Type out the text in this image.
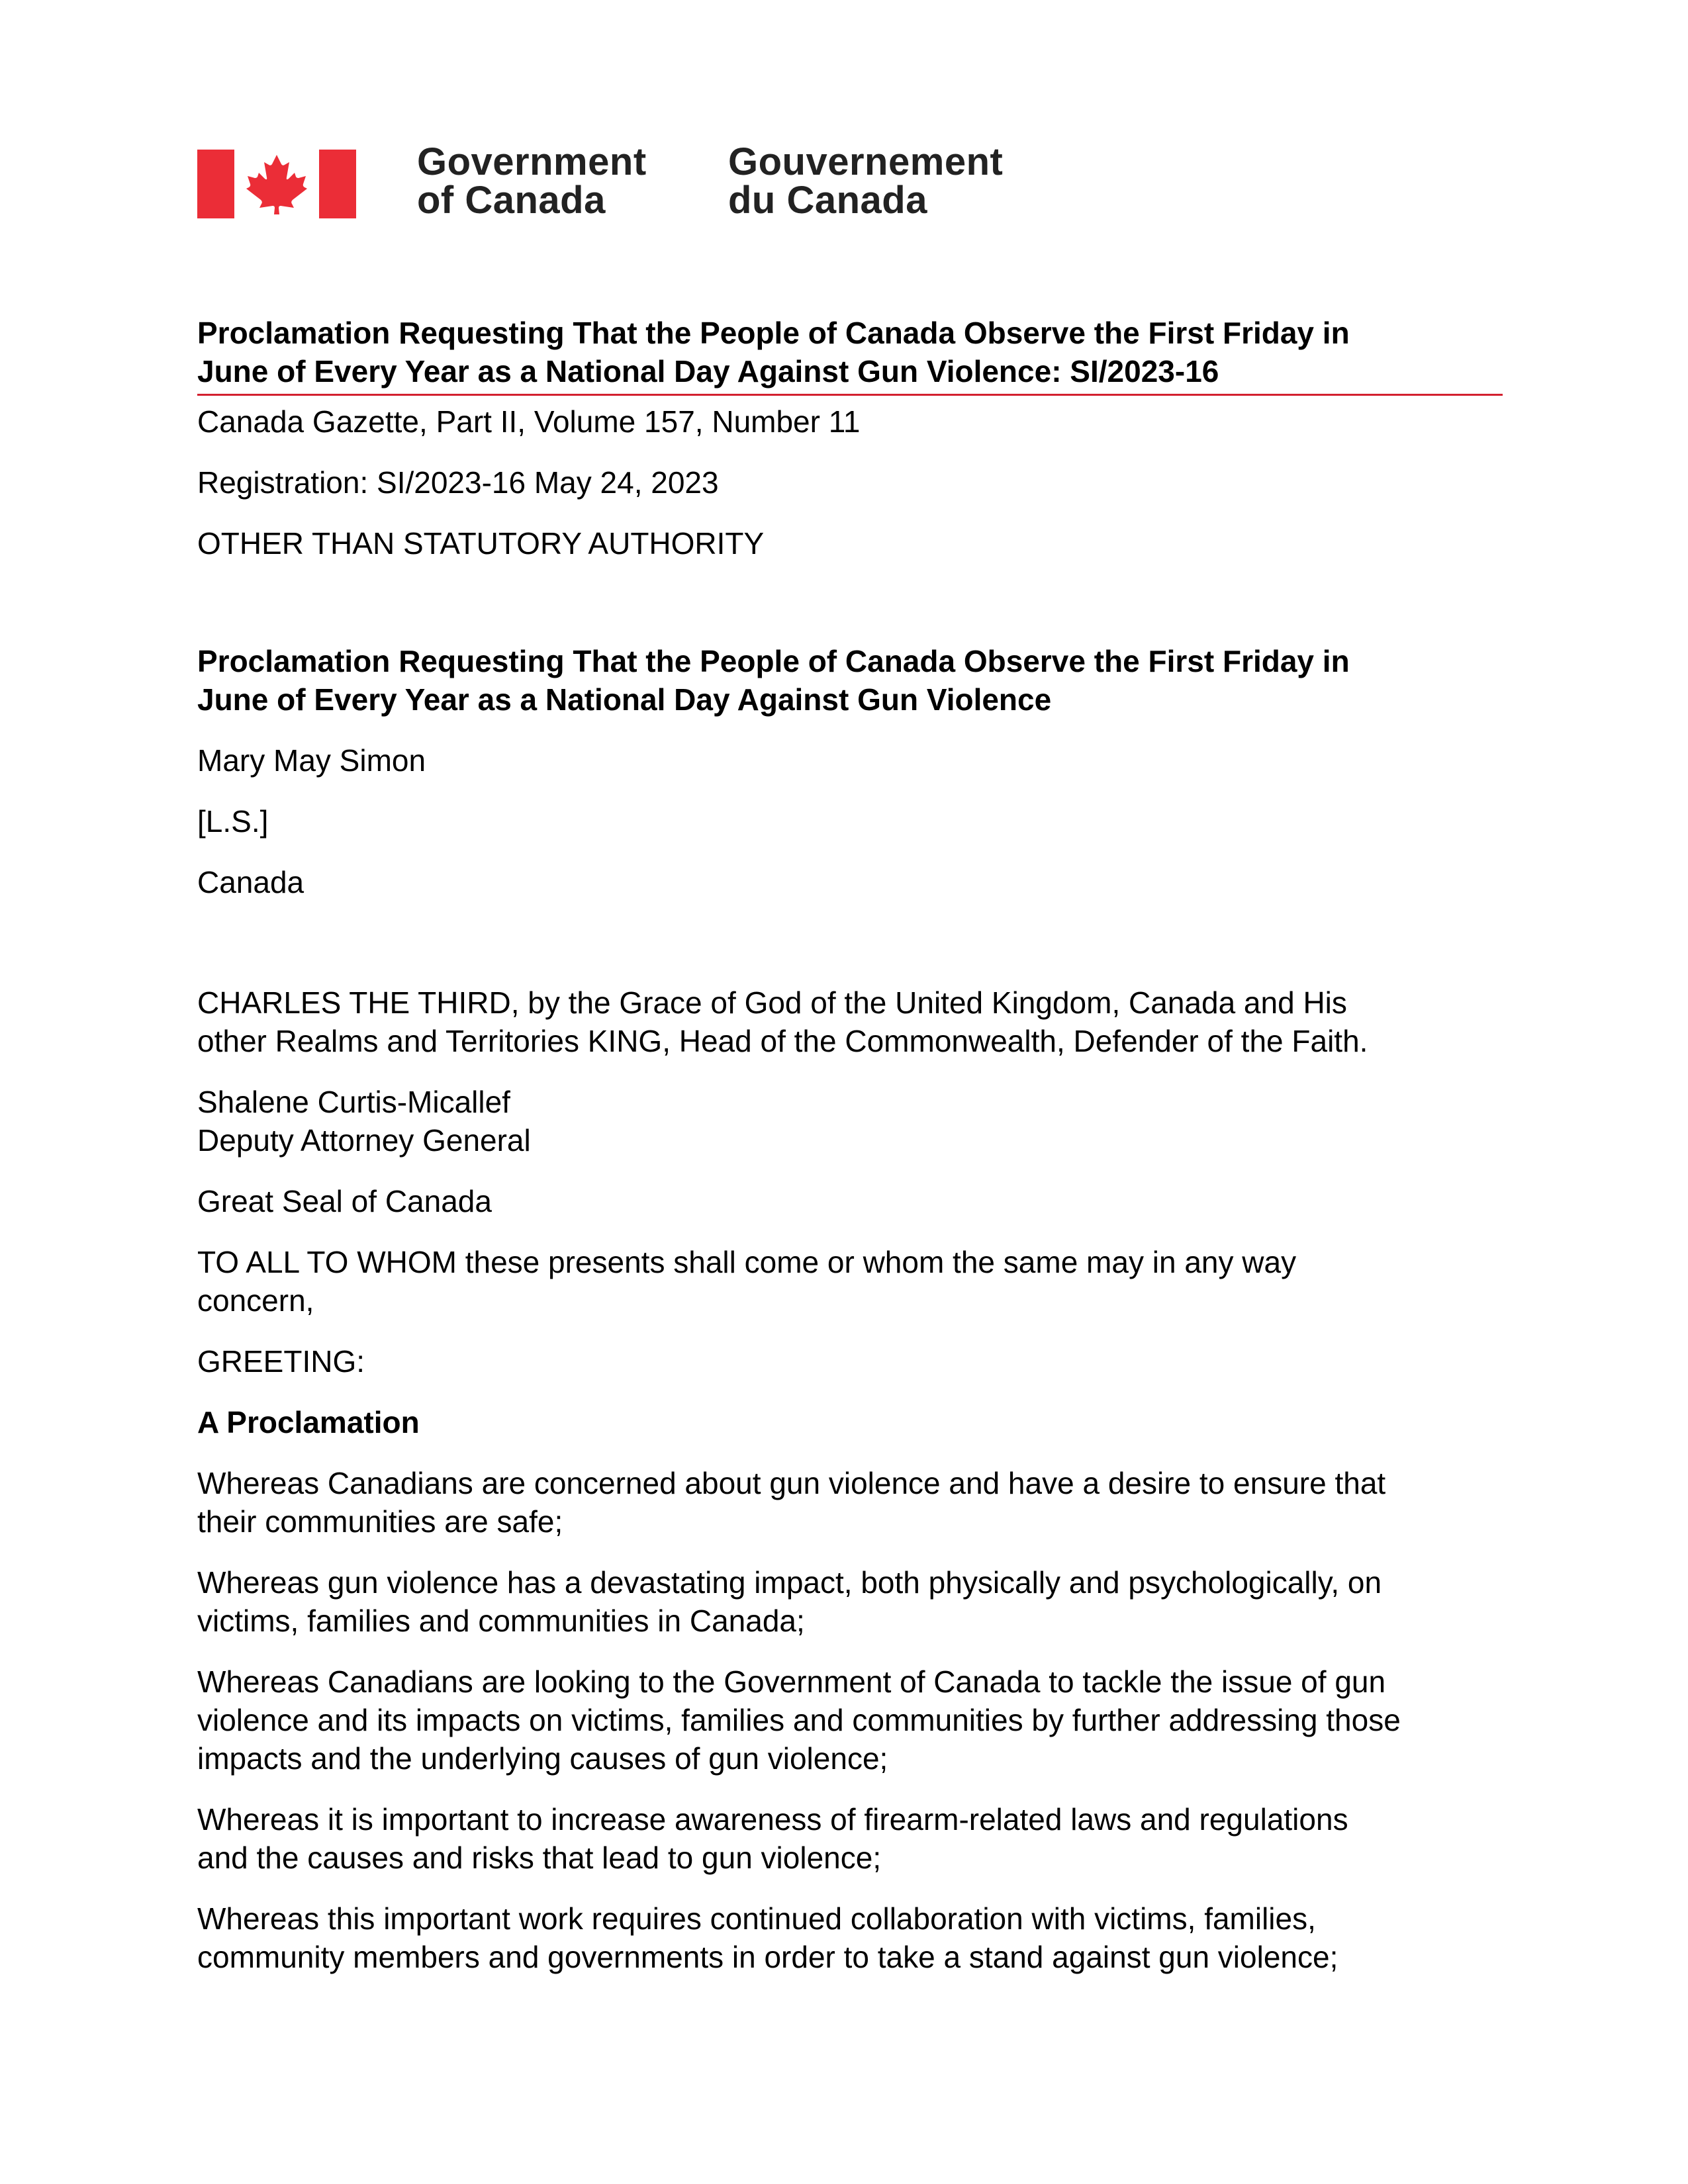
Government
of Canada
Gouvernement
du Canada
Proclamation Requesting That the People of Canada Observe the First Friday in
June of Every Year as a National Day Against Gun Violence: SI/2023-16
Canada Gazette, Part II, Volume 157, Number 11
Registration: SI/2023-16 May 24, 2023
OTHER THAN STATUTORY AUTHORITY
Proclamation Requesting That the People of Canada Observe the First Friday in
June of Every Year as a National Day Against Gun Violence
Mary May Simon
[L.S.]
Canada
CHARLES THE THIRD, by the Grace of God of the United Kingdom, Canada and His
other Realms and Territories KING, Head of the Commonwealth, Defender of the Faith.
Shalene Curtis-Micallef
Deputy Attorney General
Great Seal of Canada
TO ALL TO WHOM these presents shall come or whom the same may in any way
concern,
GREETING:
A Proclamation
Whereas Canadians are concerned about gun violence and have a desire to ensure that
their communities are safe;
Whereas gun violence has a devastating impact, both physically and psychologically, on
victims, families and communities in Canada;
Whereas Canadians are looking to the Government of Canada to tackle the issue of gun
violence and its impacts on victims, families and communities by further addressing those
impacts and the underlying causes of gun violence;
Whereas it is important to increase awareness of firearm-related laws and regulations
and the causes and risks that lead to gun violence;
Whereas this important work requires continued collaboration with victims, families,
community members and governments in order to take a stand against gun violence;
